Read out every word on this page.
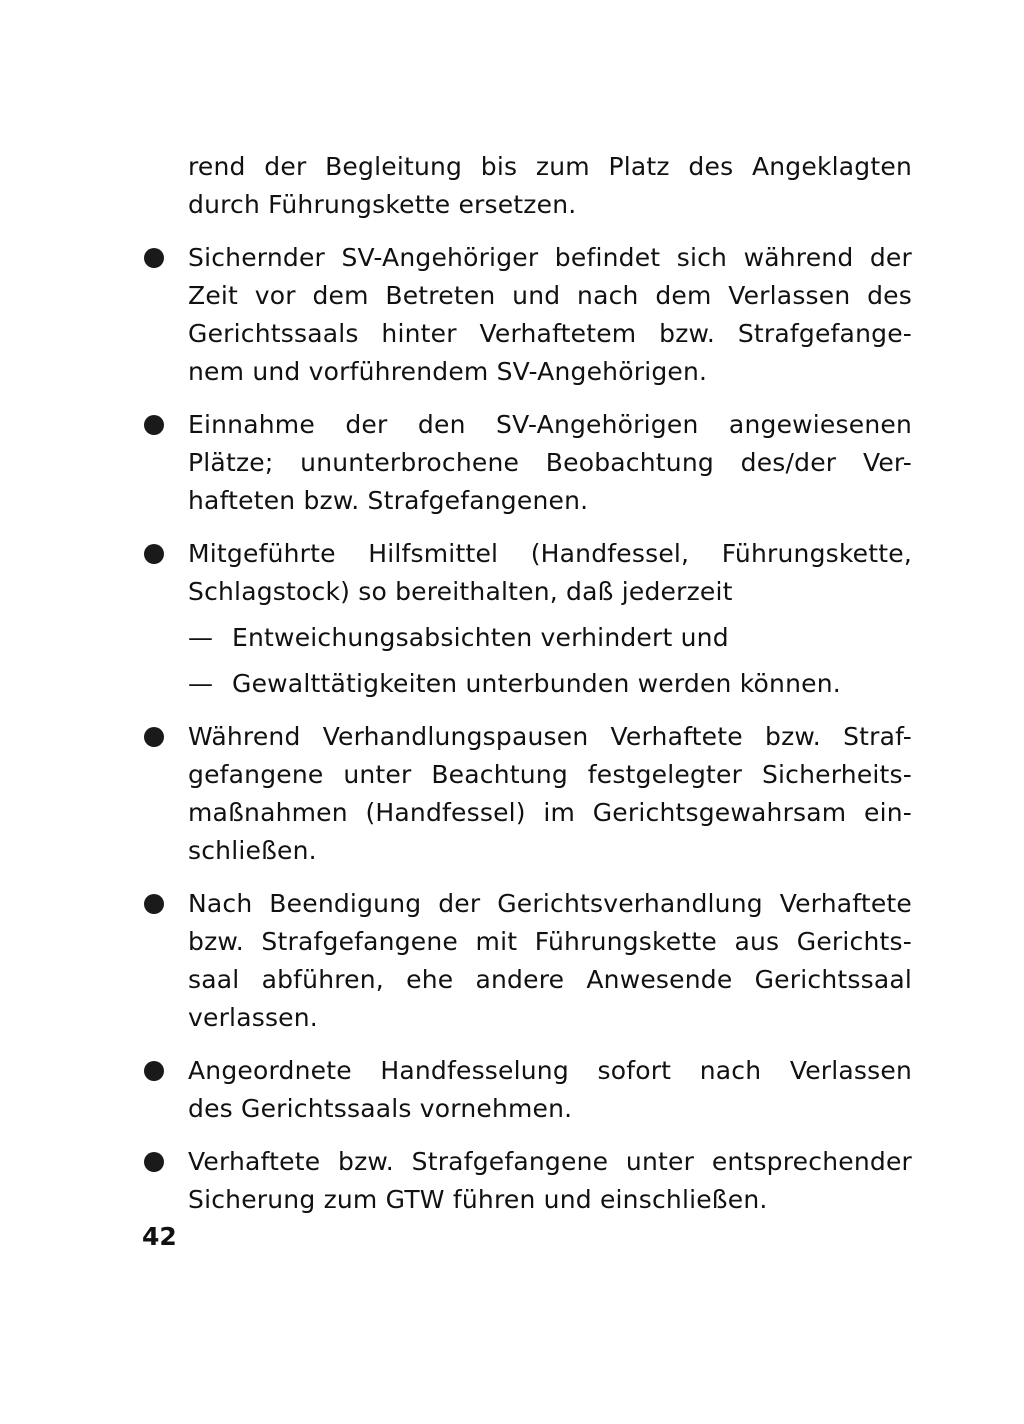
rend der Begleitung bis zum Platz des Angeklagten
durch Führungskette ersetzen.
Sichernder SV-Angehöriger befindet sich während der
Zeit vor dem Betreten und nach dem Verlassen des
Gerichtssaals hinter Verhaftetem bzw. Strafgefange-
nem und vorführendem SV-Angehörigen.
Einnahme der den SV-Angehörigen angewiesenen
Plätze; ununterbrochene Beobachtung des/der Ver-
hafteten bzw. Strafgefangenen.
Mitgeführte Hilfsmittel (Handfessel, Führungskette,
Schlagstock) so bereithalten, daß jederzeit
— Entweichungsabsichten verhindert und
— Gewalttätigkeiten unterbunden werden können.
Während Verhandlungspausen Verhaftete bzw. Straf-
gefangene unter Beachtung festgelegter Sicherheits-
maßnahmen (Handfessel) im Gerichtsgewahrsam ein-
schließen.
Nach Beendigung der Gerichtsverhandlung Verhaftete
bzw. Strafgefangene mit Führungskette aus Gerichts-
saal abführen, ehe andere Anwesende Gerichtssaal
verlassen.
Angeordnete Handfesselung sofort nach Verlassen
des Gerichtssaals vornehmen.
Verhaftete bzw. Strafgefangene unter entsprechender
Sicherung zum GTW führen und einschließen.
42
